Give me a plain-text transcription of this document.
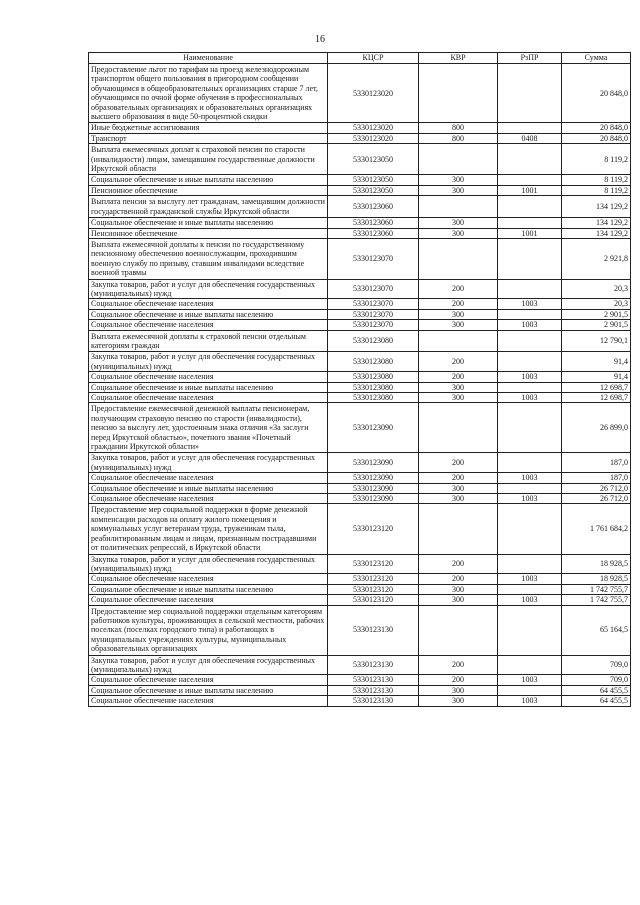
16
Наименование	КЦСР	КВР	РзПР	Сумма
Предоставление льгот по тарифам на проезд железнодорожным транспортом общего пользования в пригородном сообщении обучающимся в общеобразовательных организациях старше 7 лет, обучающимся по очной форме обучения в профессиональных образовательных организациях и образовательных организациях высшего образования в виде 50-процентной скидки	5330123020			20 848,0
Иные бюджетные ассигнования	5330123020	800		20 848,0
Транспорт	5330123020	800	0408	20 848,0
Выплата ежемесячных доплат к страховой пенсии по старости (инвалидности) лицам, замещавшим государственные должности Иркутской области	5330123050			8 119,2
Социальное обеспечение и иные выплаты населению	5330123050	300		8 119,2
Пенсионное обеспечение	5330123050	300	1001	8 119,2
Выплата пенсии за выслугу лет гражданам, замещавшим должности государственной гражданской службы Иркутской области	5330123060			134 129,2
Социальное обеспечение и иные выплаты населению	5330123060	300		134 129,2
Пенсионное обеспечение	5330123060	300	1001	134 129,2
Выплата ежемесячной доплаты к пенсии по государственному пенсионному обеспечению военнослужащим, проходившим военную службу по призыву, ставшим инвалидами вследствие военной травмы	5330123070			2 921,8
Закупка товаров, работ и услуг для обеспечения государственных (муниципальных) нужд	5330123070	200		20,3
Социальное обеспечение населения	5330123070	200	1003	20,3
Социальное обеспечение и иные выплаты населению	5330123070	300		2 901,5
Социальное обеспечение населения	5330123070	300	1003	2 901,5
Выплата ежемесячной доплаты к страховой пенсии отдельным категориям граждан	5330123080			12 790,1
Закупка товаров, работ и услуг для обеспечения государственных (муниципальных) нужд	5330123080	200		91,4
Социальное обеспечение населения	5330123080	200	1003	91,4
Социальное обеспечение и иные выплаты населению	5330123080	300		12 698,7
Социальное обеспечение населения	5330123080	300	1003	12 698,7
Предоставление ежемесячной денежной выплаты пенсионерам, получающим страховую пенсию по старости (инвалидности), пенсию за выслугу лет, удостоенным знака отличия «За заслуги перед Иркутской областью», почетного звания «Почетный гражданин Иркутской области»	5330123090			26 899,0
Закупка товаров, работ и услуг для обеспечения государственных (муниципальных) нужд	5330123090	200		187,0
Социальное обеспечение населения	5330123090	200	1003	187,0
Социальное обеспечение и иные выплаты населению	5330123090	300		26 712,0
Социальное обеспечение населения	5330123090	300	1003	26 712,0
Предоставление мер социальной поддержки в форме денежной компенсации расходов на оплату жилого помещения и коммунальных услуг ветеранам труда, труженикам тыла, реабилитированным лицам и лицам, признанным пострадавшими от политических репрессий, в Иркутской области	5330123120			1 761 684,2
Закупка товаров, работ и услуг для обеспечения государственных (муниципальных) нужд	5330123120	200		18 928,5
Социальное обеспечение населения	5330123120	200	1003	18 928,5
Социальное обеспечение и иные выплаты населению	5330123120	300		1 742 755,7
Социальное обеспечение населения	5330123120	300	1003	1 742 755,7
Предоставление мер социальной поддержки отдельным категориям работников культуры, проживающих в сельской местности, рабочих поселках (поселках городского типа) и работающих в муниципальных учреждениях культуры, муниципальных образовательных организациях	5330123130			65 164,5
Закупка товаров, работ и услуг для обеспечения государственных (муниципальных) нужд	5330123130	200		709,0
Социальное обеспечение населения	5330123130	200	1003	709,0
Социальное обеспечение и иные выплаты населению	5330123130	300		64 455,5
Социальное обеспечение населения	5330123130	300	1003	64 455,5
